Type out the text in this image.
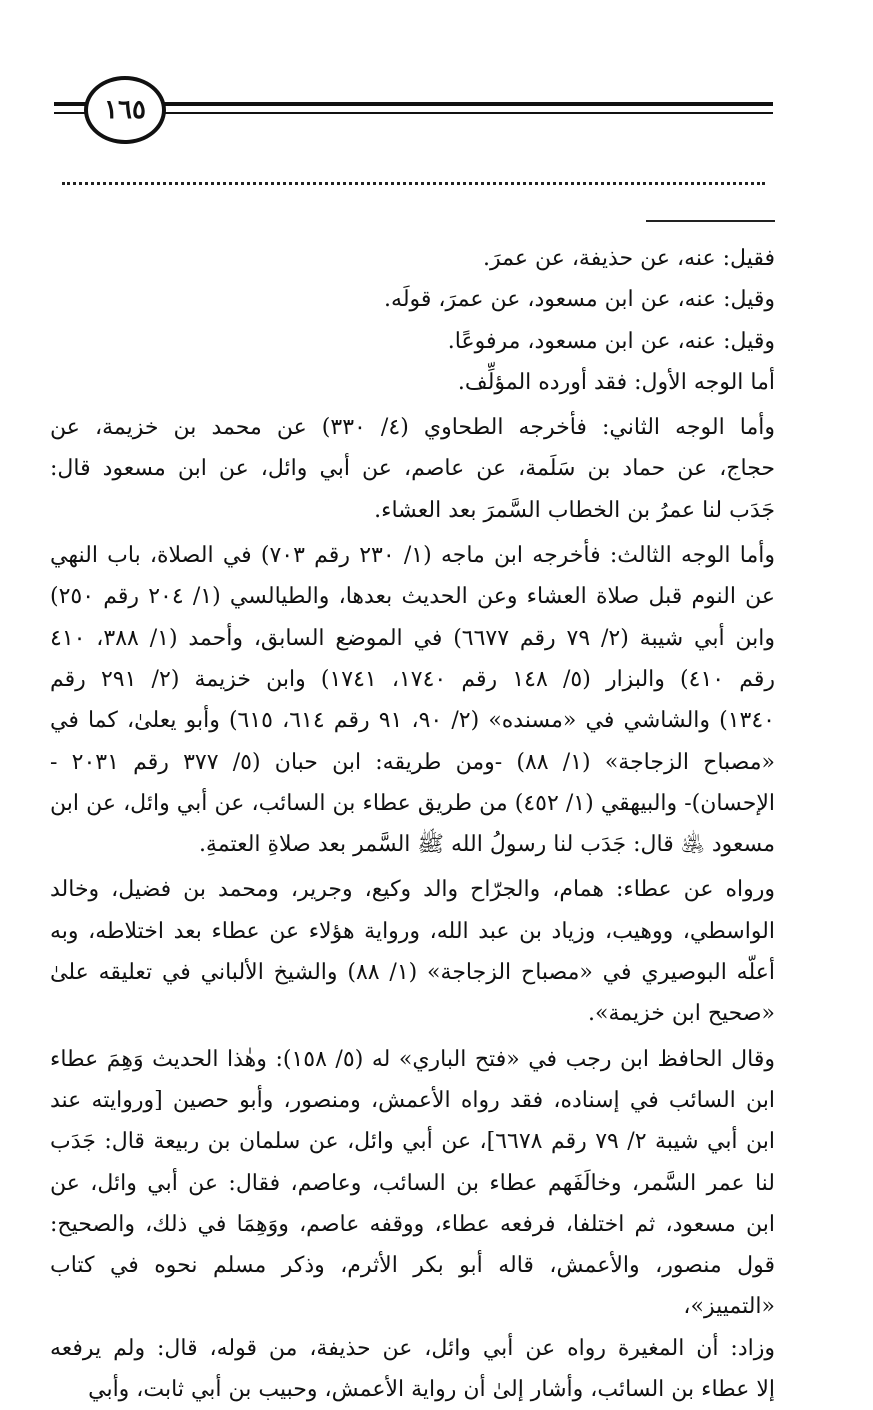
١٦٥
فقيل: عنه، عن حذيفة، عن عمرَ.
وقيل: عنه، عن ابن مسعود، عن عمرَ، قولَه.
وقيل: عنه، عن ابن مسعود، مرفوعًا.
أما الوجه الأول: فقد أورده المؤلِّف.
وأما الوجه الثاني: فأخرجه الطحاوي (٤/ ٣٣٠) عن محمد بن خزيمة، عن
حجاج، عن حماد بن سَلَمة، عن عاصم، عن أبي وائل، عن ابن مسعود قال:
جَدَب لنا عمرُ بن الخطاب السَّمرَ بعد العشاء.
وأما الوجه الثالث: فأخرجه ابن ماجه (١/ ٢٣٠ رقم ٧٠٣) في الصلاة، باب النهي
عن النوم قبل صلاة العشاء وعن الحديث بعدها، والطيالسي (١/ ٢٠٤ رقم ٢٥٠)
وابن أبي شيبة (٢/ ٧٩ رقم ٦٦٧٧) في الموضع السابق، وأحمد (١/ ٣٨٨، ٤١٠
رقم ٤١٠) والبزار (٥/ ١٤٨ رقم ١٧٤٠، ١٧٤١) وابن خزيمة (٢/ ٢٩١ رقم
١٣٤٠) والشاشي في «مسنده» (٢/ ٩٠، ٩١ رقم ٦١٤، ٦١٥) وأبو يعلىٰ، كما في
«مصباح الزجاجة» (١/ ٨٨) -ومن طريقه: ابن حبان (٥/ ٣٧٧ رقم ٢٠٣١ -
الإحسان)- والبيهقي (١/ ٤٥٢) من طريق عطاء بن السائب، عن أبي وائل، عن ابن
مسعود ﵁ قال: جَدَب لنا رسولُ الله ﷺ السَّمر بعد صلاةِ العتمةِ.
ورواه عن عطاء: همام، والجرّاح والد وكيع، وجرير، ومحمد بن فضيل، وخالد
الواسطي، ووهيب، وزياد بن عبد الله، ورواية هؤلاء عن عطاء بعد اختلاطه، وبه
أعلّه البوصيري في «مصباح الزجاجة» (١/ ٨٨) والشيخ الألباني في تعليقه علىٰ
«صحيح ابن خزيمة».
وقال الحافظ ابن رجب في «فتح الباري» له (٥/ ١٥٨): وهٰذا الحديث وَهِمَ عطاء
ابن السائب في إسناده، فقد رواه الأعمش، ومنصور، وأبو حصين [وروايته عند
ابن أبي شيبة ٢/ ٧٩ رقم ٦٦٧٨]، عن أبي وائل، عن سلمان بن ربيعة قال: جَدَب
لنا عمر السَّمر، وخالَفَهم عطاء بن السائب، وعاصم، فقال: عن أبي وائل، عن
ابن مسعود، ثم اختلفا، فرفعه عطاء، ووقفه عاصم، ووَهِمَا في ذلك، والصحيح:
قول منصور، والأعمش، قاله أبو بكر الأثرم، وذكر مسلم نحوه في كتاب «التمييز»،
وزاد: أن المغيرة رواه عن أبي وائل، عن حذيفة، من قوله، قال: ولم يرفعه
إلا عطاء بن السائب، وأشار إلىٰ أن رواية الأعمش، وحبيب بن أبي ثابت، وأبي
